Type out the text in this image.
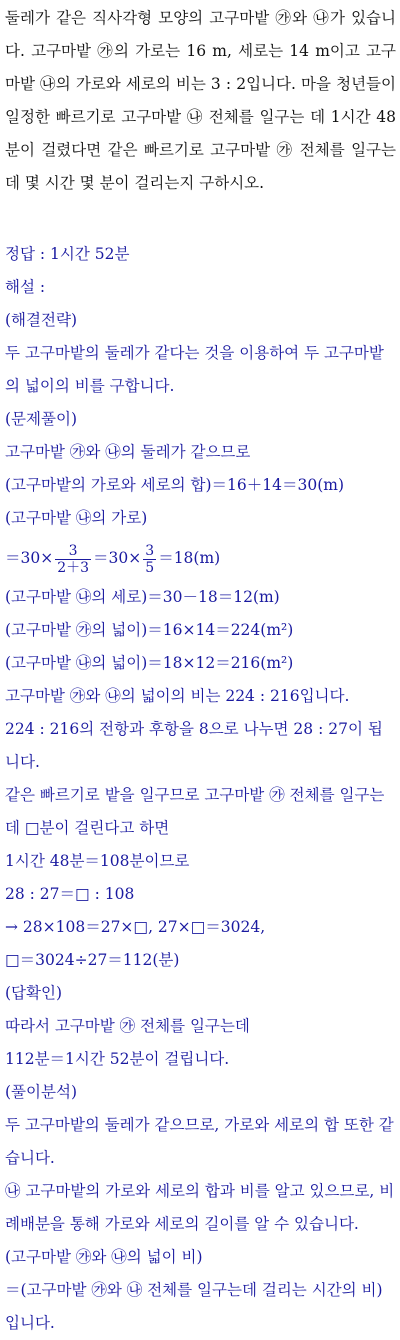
둘레가 같은 직사각형 모양의 고구마밭 ㉮와 ㉯가 있습니다. 고구마밭 ㉮의 가로는 16 m, 세로는 14 m이고 고구마밭 ㉯의 가로와 세로의 비는 3 : 2입니다. 마을 청년들이 일정한 빠르기로 고구마밭 ㉯ 전체를 일구는 데 1시간 48분이 걸렸다면 같은 빠르기로 고구마밭 ㉮ 전체를 일구는 데 몇 시간 몇 분이 걸리는지 구하시오.
정답 : 1시간 52분
해설 :
(해결전략)
두 고구마밭의 둘레가 같다는 것을 이용하여 두 고구마밭의 넓이의 비를 구합니다.
(문제풀이)
고구마밭 ㉮와 ㉯의 둘레가 같으므로
(고구마밭의 가로와 세로의 합)＝16＋14＝30(m)
(고구마밭 ㉯의 가로)
$=30\times \frac{3}{2+3} =30\times \frac{3}{5} =18(m)$
(고구마밭 ㉯의 세로)＝30－18＝12(m)
(고구마밭 ㉮의 넓이)＝16×14＝224(m²)
(고구마밭 ㉯의 넓이)＝18×12＝216(m²)
고구마밭 ㉮와 ㉯의 넓이의 비는 224 : 216입니다.
224 : 216의 전항과 후항을 8으로 나누면 28 : 27이 됩니다.
같은 빠르기로 밭을 일구므로 고구마밭 ㉮ 전체를 일구는데 □분이 걸린다고 하면
1시간 48분＝108분이므로
28 : 27＝□ : 108
→ 28×108＝27×□, 27×□＝3024,
□＝3024÷27＝112(분)
(답확인)
따라서 고구마밭 ㉮ 전체를 일구는데
112분＝1시간 52분이 걸립니다.
(풀이분석)
두 고구마밭의 둘레가 같으므로, 가로와 세로의 합 또한 같습니다.
㉯ 고구마밭의 가로와 세로의 합과 비를 알고 있으므로, 비례배분을 통해 가로와 세로의 길이를 알 수 있습니다.
(고구마밭 ㉮와 ㉯의 넓이 비)
＝(고구마밭 ㉮와 ㉯ 전체를 일구는데 걸리는 시간의 비)입니다.
